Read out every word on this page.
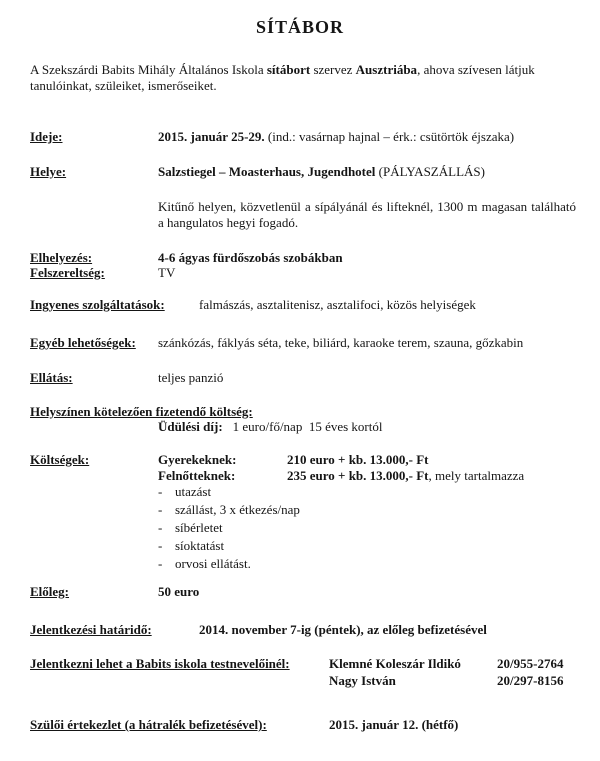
SÍTÁBOR
A Szekszárdi Babits Mihály Általános Iskola sítábort szervez Ausztriába, ahova szívesen látjuk tanulóinkat, szüleiket, ismerőseiket.
Ideje:	2015. január 25-29. (ind.: vasárnap hajnal – érk.: csütörtök éjszaka)
Helye:	Salzstiegel – Moasterhaus, Jugendhotel (PÁLYASZÁLLÁS)
Kitűnő helyen, közvetlenül a sípályánál és lifteknél, 1300 m magasan található a hangulatos hegyi fogadó.
Elhelyezés:	4-6 ágyas fürdőszobás szobákban
Felszereltség:	TV
Ingyenes szolgáltatások:	falmászás, asztalitenisz, asztalifoci, közös helyiségek
Egyéb lehetőségek: szánkózás, fáklyás séta, teke, biliárd, karaoke terem, szauna, gőzkabin
Ellátás:	teljes panzió
Helyszínen kötelezően fizetendő költség:
Üdülési díj: 1 euro/fő/nap  15 éves kortól
Költségek:	Gyerekeknek:	210 euro + kb. 13.000,- Ft
Felnőtteknek:	235 euro + kb. 13.000,- Ft, mely tartalmazza
- utazást
- szállást, 3 x étkezés/nap
- síbérletet
- síoktatást
- orvosi ellátást.
Előleg:	50 euro
Jelentkezési határidő:	2014. november 7-ig (péntek), az előleg befizetésével
Jelentkezni lehet a Babits iskola testnevelőinél:	Klemné Koleszár Ildikó	20/955-2764
Nagy István	20/297-8156
Szülői értekezlet (a hátralék befizetésével):	2015. január 12. (hétfő)
